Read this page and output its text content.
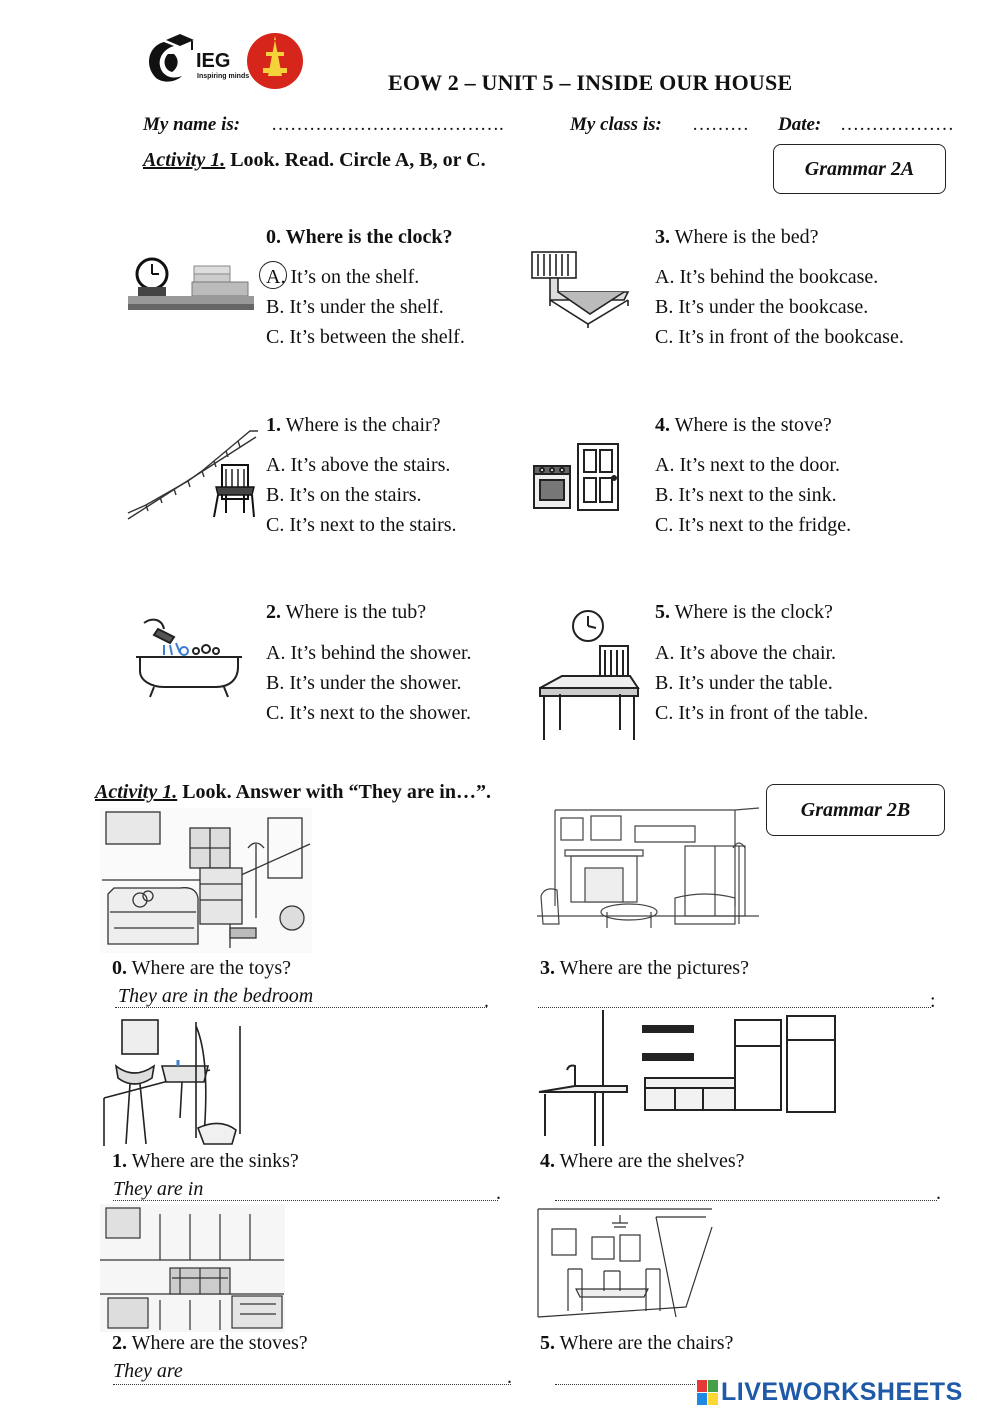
IEG
Inspiring minds	EOW 2 – UNIT 5 – INSIDE OUR HOUSE
My name is: ……………………………….	My class is: ……… Date: ………………
Activity 1. Look. Read. Circle A, B, or C.	Grammar 2A
0. Where is the clock?
A. It’s on the shelf.
B. It’s under the shelf.
C. It’s between the shelf.
1. Where is the chair?
A. It’s above the stairs.
B. It’s on the stairs.
C. It’s next to the stairs.
2. Where is the tub?
A. It’s behind the shower.
B. It’s under the shower.
C. It’s next to the shower.
3. Where is the bed?
A. It’s behind the bookcase.
B. It’s under the bookcase.
C. It’s in front of the bookcase.
4. Where is the stove?
A. It’s next to the door.
B. It’s next to the sink.
C. It’s next to the fridge.
5. Where is the clock?
A. It’s above the chair.
B. It’s under the table.
C. It’s in front of the table.
Activity 1. Look. Answer with “They are in…”.
Grammar 2B
0. Where are the toys?
They are in the bedroom	.
1. Where are the sinks?
They are in	.
2. Where are the stoves?
They are	.
3. Where are the pictures?
:
4. Where are the shelves?
.
5. Where are the chairs?
LIVEWORKSHEETS
